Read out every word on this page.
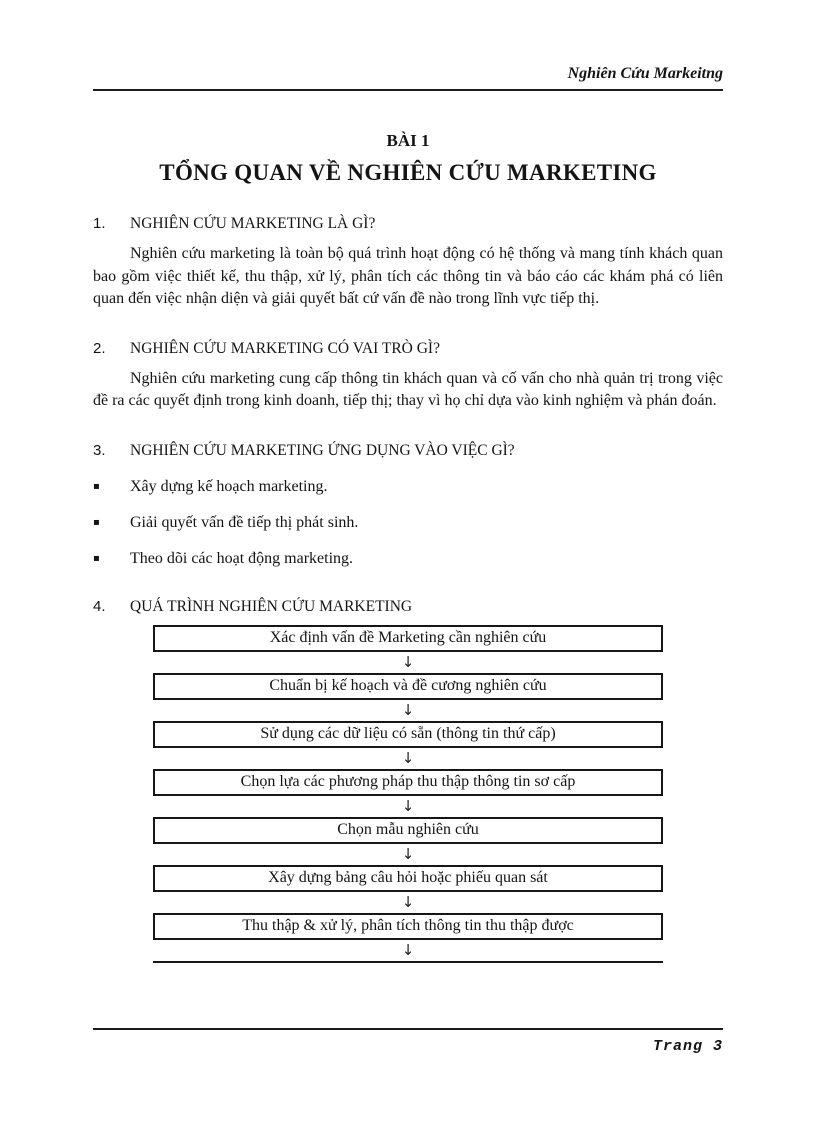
Nghiên Cứu Markeitng
BÀI 1
TỔNG QUAN VỀ NGHIÊN CỨU MARKETING
1.	NGHIÊN CỨU MARKETING LÀ GÌ?

Nghiên cứu marketing là toàn bộ quá trình hoạt động có hệ thống và mang tính khách quan bao gồm việc thiết kế, thu thập, xử lý, phân tích các thông tin và báo cáo các khám phá có liên quan đến việc nhận diện và giải quyết bất cứ vấn đề nào trong lĩnh vực tiếp thị.

2.	NGHIÊN CỨU MARKETING CÓ VAI TRÒ GÌ?

Nghiên cứu marketing cung cấp thông tin khách quan và cố vấn cho nhà quản trị trong việc đề ra các quyết định trong kinh doanh, tiếp thị; thay vì họ chỉ dựa vào kinh nghiệm và phán đoán.

3.	NGHIÊN CỨU MARKETING ỨNG DỤNG VÀO VIỆC GÌ?
▪	Xây dựng kế hoạch marketing.
▪	Giải quyết vấn đề tiếp thị phát sinh.
▪	Theo dõi các hoạt động marketing.
4.	QUÁ TRÌNH NGHIÊN CỨU MARKETING
Xác định vấn đề Marketing cần nghiên cứu
↓
Chuẩn bị kế hoạch và đề cương nghiên cứu
↓
Sử dụng các dữ liệu có sẵn (thông tin thứ cấp)
↓
Chọn lựa các phương pháp thu thập thông tin sơ cấp
↓
Chọn mẫu nghiên cứu
↓
Xây dựng bảng câu hỏi hoặc phiếu quan sát
↓
Thu thập & xử lý, phân tích thông tin thu thập được
↓
Trang 3
